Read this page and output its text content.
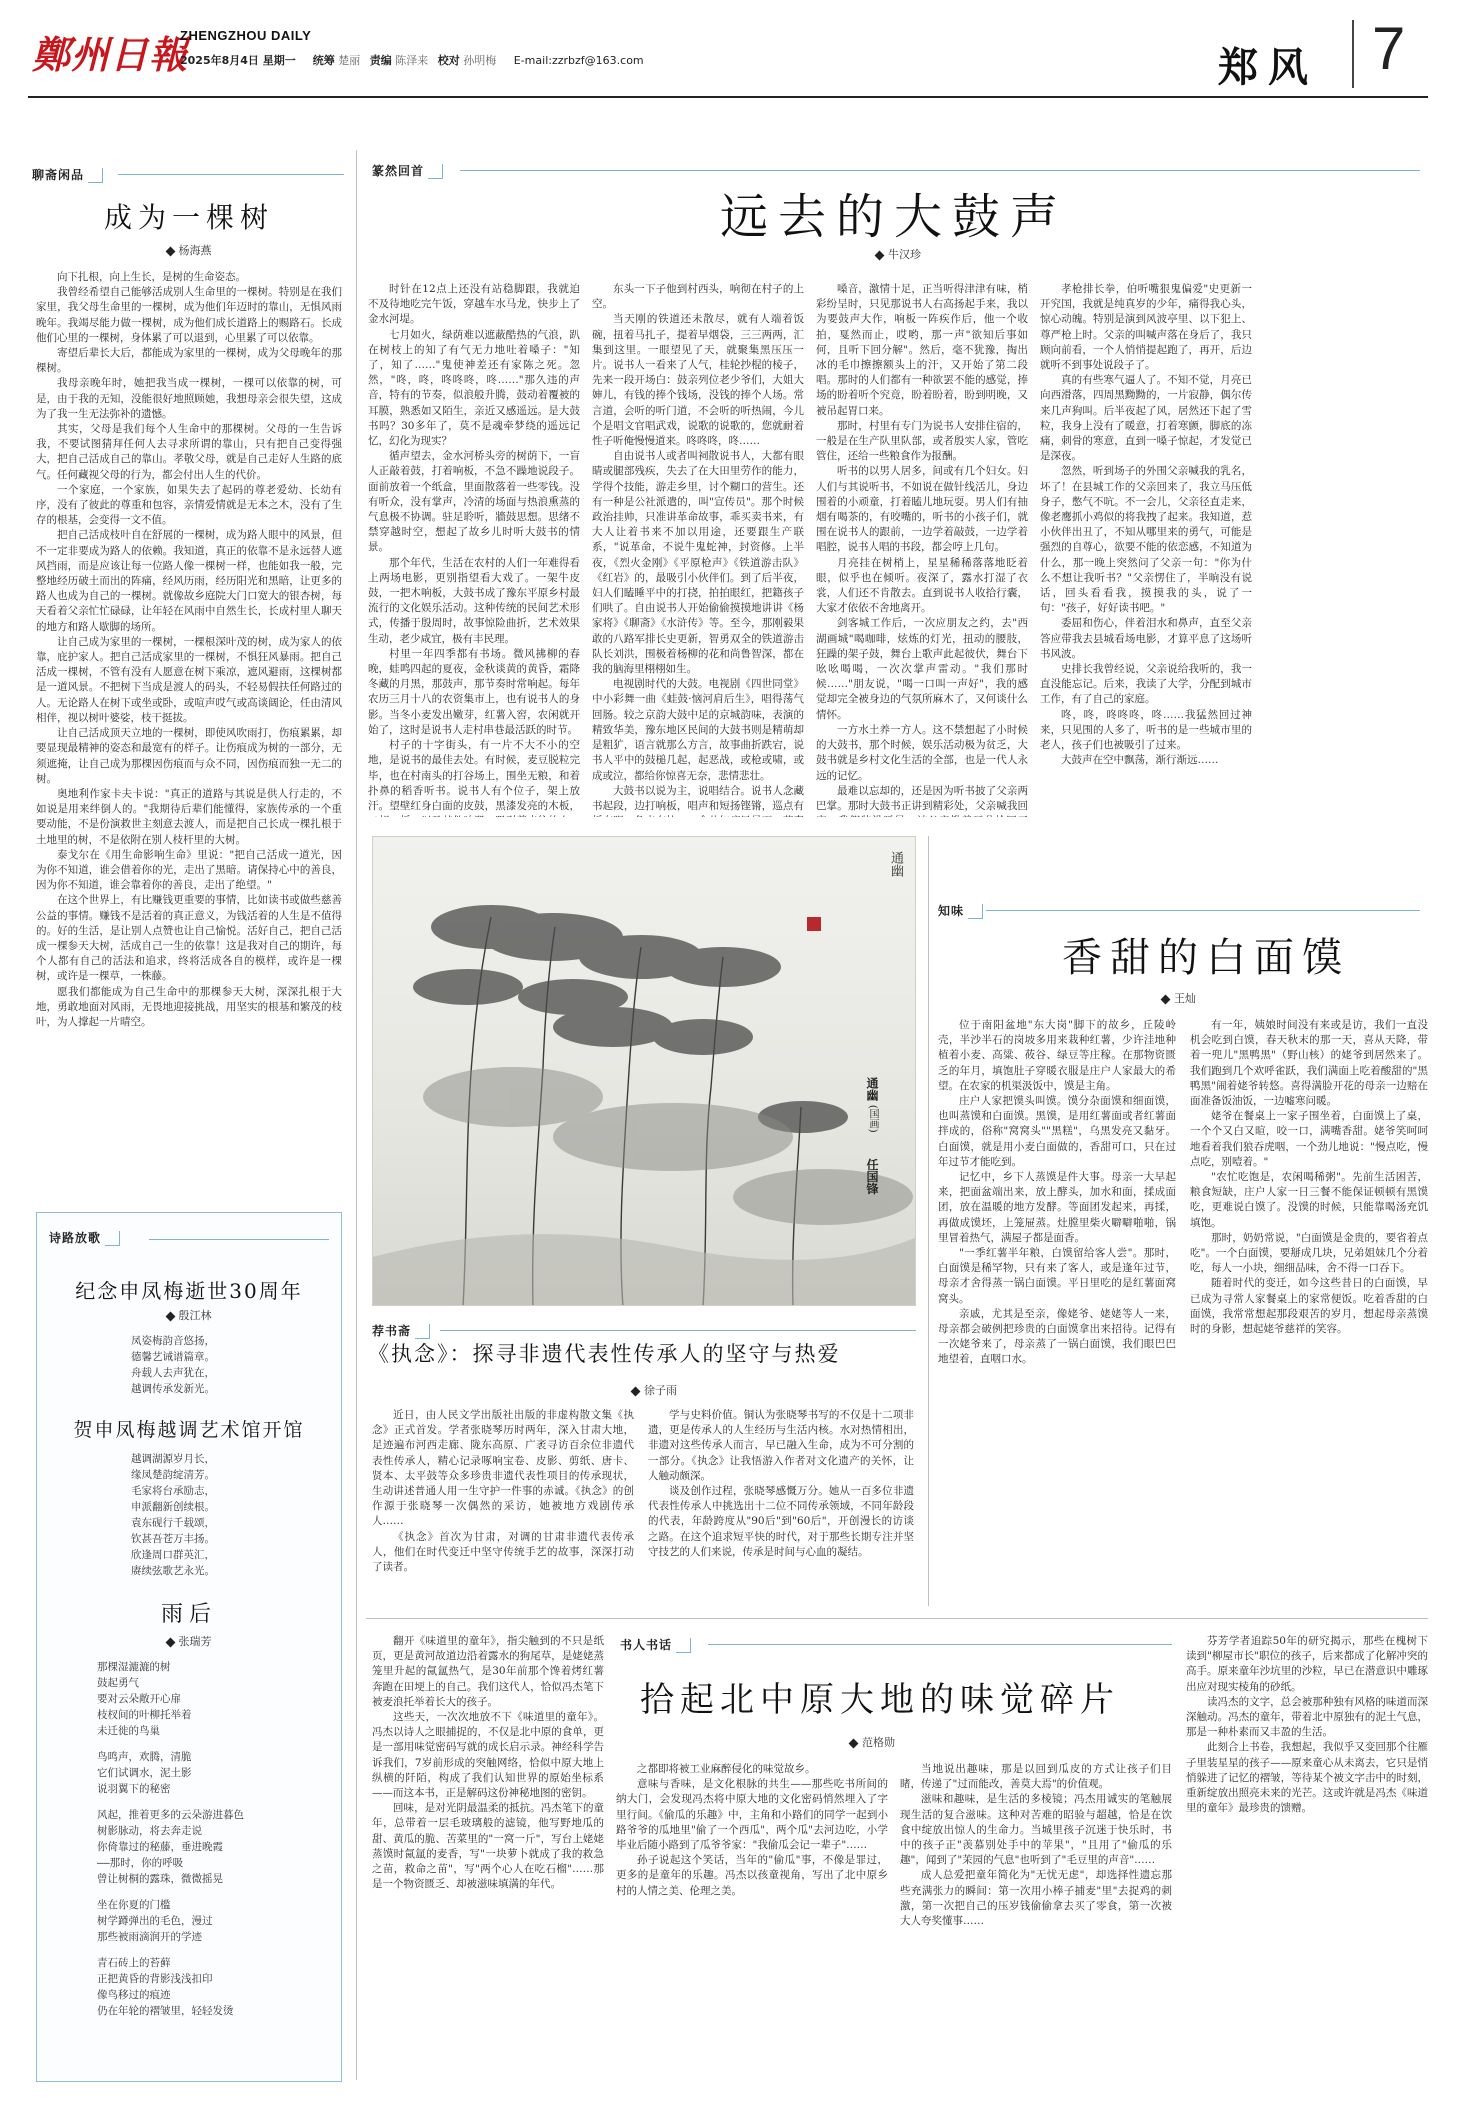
鄭州日報
ZHENGZHOU DAILY
2025年8月4日 星期一 统筹 楚丽 责编 陈泽来 校对 孙明梅 E-mail:zzrbzf@163.com	郑风 7
聊斋闲品
成为一棵树
杨海燕

向下扎根，向上生长，是树的生命姿态。

我曾经希望自己能够活成别人生命里的一棵树。特别是在我们家里，我父母生命里的一棵树，成为他们年迈时的靠山，无惧风雨晚年。我竭尽能力做一棵树，成为他们成长道路上的赐路石。长成他们心里的一棵树，身体累了可以退到，心里累了可以依靠。

寄望后辈长大后，都能成为家里的一棵树，成为父母晚年的那棵树。

我母亲晚年时，她把我当成一棵树，一棵可以依靠的树，可是，由于我的无知，没能很好地照顾她，我想母亲会很失望，这成为了我一生无法弥补的遗憾。

其实，父母是我们每个人生命中的那棵树。父母的一生告诉我，不要试图猜拜任何人去寻求所谓的靠山，只有把自己变得强大，把自己活成自己的靠山。孝敬父母，就是自己走好人生路的底气。任何藏视父母的行为，都会付出人生的代价。

一个家庭，一个家族，如果失去了起码的尊老爱幼、长幼有序，没有了彼此的尊重和包容，亲情爱情就是无本之木，没有了生存的根基，会变得一文不值。

把自己活成枝叶自在舒展的一棵树，成为路人眼中的风景，但不一定非要成为路人的依赖。我知道，真正的依靠不是永远替人遮风挡雨，而是应该让每一位路人像一棵树一样，也能如我一般，完整地经历破土而出的阵痛，经风历雨，经历阳光和黑暗，让更多的路人也成为自己的一棵树。就像故乡庭院大门口宽大的银杏树，每天看着父亲忙忙碌碌，让年轻在风雨中自然生长，长成村里人聊天的地方和路人歇脚的场所。

让自己成为家里的一棵树，一棵根深叶茂的树，成为家人的依靠，庇护家人。把自己活成家里的一棵树，不惧狂风暴雨。把自己活成一棵树，不管有没有人愿意在树下乘凉，遮风避雨，这棵树都是一道风景。不把树下当成是渡人的码头，不轻易假扶任何路过的人。无论路人在树下或坐或卧，或喧声哎气或高谈阔论，任由清风相伴，视以树叶婆娑，枝干挺拔。

让自己活成顶天立地的一棵树，即使风吹雨打，伤痕累累，却要显现最精神的姿态和最宽有的样子。让伤痕成为树的一部分，无须遮掩，让自己成为那棵因伤痕而与众不同，因伤痕而独一无二的树。

奥地利作家卡夫卡说："真正的道路与其说是供人行走的，不如说是用来绊倒人的。"我期待后辈们能懂得，家族传承的一个重要动能，不是份演救世主刻意去渡人，而是把自己长成一棵扎根于土地里的树，不是依附在别人枝杆里的大树。

泰戈尔在《用生命影响生命》里说："把自己活成一道光，因为你不知道，谁会借着你的光，走出了黑暗。请保持心中的善良，因为你不知道，谁会靠着你的善良，走出了绝望。"

在这个世界上，有比赚钱更重要的事情，比如读书或做些慈善公益的事情。赚钱不是活着的真正意义，为钱活着的人生是不值得的。好的生活，是让别人点赞也让自己愉悦。活好自己，把自己活成一棵参天大树，活成自己一生的依靠！这是我对自己的期许，每个人都有自己的活法和追求，终将活成各自的模样，或许是一棵树，或许是一棵草，一株藤。

愿我们都能成为自己生命中的那棵参天大树，深深扎根于大地，勇敢地面对风雨，无畏地迎接挑战，用坚实的根基和繁茂的枝叶，为人撑起一片晴空。

诗路放歌
纪念申凤梅逝世30周年
殷江林
凤姿梅韵音悠扬，
德馨艺诫谱篇章。
舟载人去声犹在，
越调传承发新光。
贺申凤梅越调艺术馆开馆
越调湖源岁月长，
缘凤楚韵绽清芳。
毛家将台承励志，
申派翻新创续根。
袁东砚行千载颂，
钦甚吾苍万丰扬。
欣逢周口群英汇，
赓续弦歌艺永光。
雨后
张瑞芳
那棵湿漉漉的树
鼓起勇气
要对云朵敞开心扉
枝杈间的叶柳托举着
未迁徙的鸟巢
鸟鸣声，欢腾，清脆
它们试调水，泥土影
说羽翼下的秘密
风起，推着更多的云朵游进暮色
树影脉动，将去奔走说
你倚靠过的秘藤，垂进晚霞
——那时，你的呼吸
曾让树桐的露珠，微微摇晃
坐在你夏的门槛
树学蹲弹出的毛色，漫过
那些被雨滴润开的学迹
青石砖上的苔藓
正把黄昏的背影浅浅扣印
像鸟移过的痕迹
仍在年轮的褶皱里，轻轻发烫
篆然回首
远去的大鼓声
牛汉珍

时针在12点上还没有站稳脚跟，我就迫不及待地吃完午饭，穿越车水马龙，快步上了金水河堤。

七月如火，绿荫难以遮蔽酷热的气浪，趴在树枝上的知了有气无力地吐着嗓子："知了，知了……"鬼使神差还有家陈之死。忽然，"咚，咚，咚咚咚，咚……"那久违的声音，特有的节奏，似浪般升腾，鼓动着覆被的耳膜，熟悉如又陌生，亲近又感遥远。是大鼓书吗？30多年了，莫不是魂牵梦绕的遥远记忆，幻化为现实？

循声望去，金水河桥头旁的树荫下，一盲人正敲着鼓，打着响板，不急不躁地说段子。面前放着一个纸盒，里面散落着一些零钱。没有听众，没有掌声，冷清的场面与热浪熏蒸的气息极不协调。驻足聆听，牆鼓思想。思绪不禁穿越时空，想起了故乡儿时听大鼓书的情景。

那个年代，生活在农村的人们一年难得看上两场电影，更别指望看大戏了。一架牛皮鼓，一把木响板，大鼓书成了豫东平原乡村最流行的文化娱乐活动。这种传统的民间艺术形式，传播于殷周时，故事惊险曲折，艺术效果生动，老少咸宜，极有丰民理。

村里一年四季都有书场。微风拂柳的春晚，蛙鸣四起的夏夜，金秋谈黄的黄昏，霜降冬藏的月黑，那鼓声，那节奏时常响起。每年农历三月十八的农资集市上，也有说书人的身影。当冬小麦发出嫩芽，红薯入窖，农闲就开始了，这时是说书人走村串巷最活跃的时节。

村子的十字街头，有一片不大不小的空地，是说书的最佳去处。有时候，麦豆脱粒完毕，也在村南头的打谷场上，围坐无粮，和着扑鼻的稻香听书。说书人有个位子，架上放汗。望壁红身白面的皮鼓，黑漆发亮的木板，

东头一下子他到村西头，响彻在村子的上空。

当天刚的铁道还未散尽，就有人端着饭碗，扭着马扎子，提着早烟袋，三三两两，汇集到这里。一眼望见了天，就聚集黑压压一片。说书人一看来了人气，桂轮抄棍的棱子，先来一段开场白：鼓亲列位老少爷们，大姐大婶儿，有钱的捧个钱场，没钱的捧个人场。常言道，会听的听门道，不会听的听热闹，今儿个是唱文官唱武戏，说歌的说歌的，您就耐着性子听俺慢慢道来。咚咚咚，咚……

自由说书人或者叫祠散说书人，大都有眼睛或腿部残疾，失去了在大田里劳作的能力，学得个技能，游走乡里，讨个糊口的营生。还有一种是公社派遣的，叫"宣传员"。那个时候政治挂帅，只准讲革命故事，乖买卖书来，有大人让着书来不加以用途，还要跟生产联系，"说革命，不说牛鬼蛇神，封资修。上半夜，《烈火金刚》《平原枪声》《铁道游击队》《红岩》的，最吸引小伙伴们。到了后半夜，妇人们瞌睡平中的打挠，拍拍眼红，把籍孩子们哄了。自由说书人开始偷偷摸摸地讲讲《杨家将》《聊斋》《水浒传》等。至今，那刚毅果敢的八路军排长史更新，智勇双全的铁道游击队长刘洪，围极着杨柳的花和尚鲁智深，都在我的脑海里栩栩如生。

电视剧时代的大鼓。电视剧《四世同堂》中小彩舞一曲《蛙鼓·恼河肩后生》，唱得荡气回肠。较之京韵大鼓中足的京城韵味，表演的精致华美，豫东地区民间的大鼓书则是精萌却是粗犷，语言就那么方言，故事曲折跌宕，说书人平中的鼓槌几起，起恶战，或枪或啸，或成或泣，都给你惊喜无奈，悲情悲壮。

大鼓书以说为主，说唱结合。说书人念藏书起段，边打响板，唱声和短扬铿锵，巡点有

嗓音，激情十足，正当听得津津有味，梢彩纷呈时，只见那说书人右高扬起手来，我以为要鼓声大作，响板一阵疾作后，他一个收拍，戛然而止，哎哟，那一声"欲知后事如何，且听下回分解"。然后，毫不犹豫，掏出冰的毛巾擦擦额头上的汗，又开始了第二段唱。那时的人们都有一种欲罢不能的感觉，捧场的盼着听个究竟，盼着盼着，盼到明晚，又被吊起胃口来。

那时，村里有专门为说书人安排住宿的，一般是在生产队里队部，或者殷实人家，管吃管住，还给一些粮食作为报酬。

听书的以男人居多，间或有几个妇女。妇人们与其说听书，不如说在做针线活儿，身边围着的小顽童，打着瞌儿地玩耍。男人们有抽烟有喝茶的，有咬嘴的，听书的小孩子们，就围在说书人的跟前，一边学着敲鼓，一边学着唱腔，说书人唱的书段，都会哼上几句。

月亮挂在树梢上，星星稀稀落落地眨着眼，似乎也在倾听。夜深了，露水打湿了衣裳，人们还不肯散去。直到说书人收拾行囊，大家才依依不舍地离开。

剑客城工作后，一次应朋友之约，去"西湖画城"喝咖啡，炫炼的灯光，扭动的腰肢，狂躁的架子鼓，舞台上歌声此起彼伏，舞台下吆吆喝喝，一次次掌声雷动。"我们那时候……"朋友说，"喝一口叫一声好"，我的感觉却完全被身边的气氛所麻木了，又何谈什么情怀。

一方水土养一方人。这不禁想起了小时候的大鼓书，那个时候，娱乐活动极为贫乏，大鼓书就是乡村文化生活的全部，也是一代人永远的记忆。

最难以忘却的，还是因为听书披了父亲两巴掌。那时大鼓书正讲到精彩处，父亲喊我回

孝枪排长拳，伯听嘴狠鬼偏爱"史更新一开究国，我就是纯真岁的少年，痛得我心头，惊心动魄。特别是演到风波亭里、以下犯上、尊严枪上时。父亲的叫喊声落在身后了，我只顾向前看，一个人悄悄提起跑了，再开，后边就听不到事处说段子了。

真的有些寒气逼人了。不知不觉，月亮已向西滑落，四周黑黝黝的，一片寂静，偶尔传来几声狗叫。后半夜起了风，居然还下起了雪粒，我身上没有了暖意，打着寒颤，脚底的冻痛，刺骨的寒意，直到一嗓子惊起，才发觉已是深夜。

忽然，听到场子的外围父亲喊我的乳名，坏了！在县城工作的父亲回来了，我立马压低身子，憋气不吭。不一会儿，父亲径直走来，像老鹰抓小鸡似的将我拽了起来。我知道，惹小伙伴出丑了，不知从哪里来的勇气，可能是强烈的自尊心，欲要不能的依恋感，不知道为什么，那一晚上突然问了父亲一句："你为什么不想让我听书？"父亲愣住了，半晌没有说话，回头看看我，摸摸我的头，说了一句："孩子，好好读书吧。"

委屈和伤心，伴着泪水和鼻声，直至父亲答应带我去县城看场电影，才算平息了这场听书风波。

史排长我曾经说，父亲说给我听的，我一直没能忘记。后来，我读了大学，分配到城市工作，有了自己的家庭。

咚，咚，咚咚咚，咚……我猛然回过神来，只见围的人多了，听书的是一些城市里的老人，孩子们也被吸引了过来。

大鼓声在空中飘荡，渐行渐远……

通幽
通幽 (国画)  任国锋
知味
香甜的白面馍
王灿

位于南阳盆地"东大岗"脚下的故乡，丘陵岭壳，半沙半石的岗坡多用来栽种红薯，少许洼地种植着小麦、高粱、莜谷、绿豆等庄稼。在那物资匮乏的年月，填饱肚子穿暖衣服是庄户人家最大的希望。在农家的机渠汲饭中，馍是主角。

庄户人家把馍头叫馍。馍分杂面馍和细面馍，也叫蒸馍和白面馍。黑馍，是用红薯面或者红薯面拌成的，俗称"窝窝头""黑糕"，乌黑发亮又黏牙。白面馍，就是用小麦白面做的，香甜可口，只在过年过节才能吃到。

记忆中，乡下人蒸馍是件大事。母亲一大早起来，把面盆端出来，放上酵头，加水和面，揉成面团，放在温暖的地方发酵。等面团发起来，再揉，再做成馍坯，上笼屉蒸。灶膛里柴火噼噼啪啪，锅里冒着热气，满屋子都是面香。

"一季红薯半年粮，白馍留给客人尝"。那时，白面馍是稀罕物，只有来了客人，或是逢年过节，母亲才舍得蒸一锅白面馍。平日里吃的是红薯面窝窝头。

亲戚，尤其是至亲，像姥爷、姥姥等人一来，母亲都会破例把珍贵的白面馍拿出来招待。记得有一次姥爷来了，母亲蒸了一锅白面馍，我们眼巴巴地望着，直咽口水。

有一年，姨娘时间没有来或是访，我们一直没机会吃到白馍，春天秋末的那一天，喜从天降，带着一兜儿"黑鸭黑"（野山核）的姥爷到居然来了。我们跑到几个欢呼雀跃，我们满面上吃着酸甜的"黑鸭黑"闹着姥爷转悠。喜得满脸开花的母亲一边赔在面准备饭油饭，一边嘘寒问暖。

姥爷在餐桌上一家子围坐着，白面馍上了桌，一个个又白又暄，咬一口，满嘴香甜。姥爷笑呵呵地看着我们狼吞虎咽，一个劲儿地说："慢点吃，慢点吃，别噎着。"

"农忙吃饱是，农闲喝稀粥"。先前生活困苦，粮食短缺，庄户人家一日三餐不能保证顿顿有黑馍吃，更难说白馍了。没馍的时候，只能靠喝汤充饥填饱。

那时，奶奶常说，"白面馍是金贵的，要省着点吃"。一个白面馍，要掰成几块，兄弟姐妹几个分着吃，每人一小块，细细品味，舍不得一口吞下。

随着时代的变迁，如今这些昔日的白面馍，早已成为寻常人家餐桌上的家常便饭。吃着香甜的白面馍，我常常想起那段艰苦的岁月，想起母亲蒸馍时的身影，想起姥爷慈祥的笑容。

荐书斋
《执念》：探寻非遗代表性传承人的坚守与热爱
徐子雨

近日，由人民文学出版社出版的非虚构散文集《执念》正式首发。学者张晓琴历时两年，深入甘肃大地，足迹遍布河西走廊、陇东高原、广袤寻访百余位非遗代表性传承人，精心记录啄响宝卷、皮影、剪纸、唐卡、贤本、太平鼓等众多珍贵非遗代表性项目的传承现状，生动讲述普通人用一生守护一件事的赤诚。《执念》的创作源于张晓琴一次偶然的采访，她被地方戏剧传承人……

《执念》首次为甘肃，对调的甘肃非遗代表传承人，他们在时代变迁中坚守传统手艺的故事，深深打动了读者。

学与史料价值。铜认为张晓琴书写的不仅是十二项非遗，更是传承人的人生经历与生活内核。水对热情相出，非遗对这些传承人而言，早已融入生命，成为不可分割的一部分。《执念》让我悟游入作者对文化遗产的关怀，让人触动颇深。

谈及创作过程，张晓琴感慨万分。她从一百多位非遗代表性传承人中挑选出十二位不同传承领域，不同年龄段的代表，年龄跨度从"90后"到"60后"，开创漫长的访谈之路。在这个追求短平快的时代，对于那些长期专注并坚守技艺的人们来说，传承是时间与心血的凝结。

翻开《味道里的童年》，指尖触到的不只是纸页，更是黄河故道边沿着露水的狗尾草，是姥姥蒸笼里升起的氤氲热气，是30年前那个馋着烤红薯奔跑在田埂上的自己。我们这代人，恰似冯杰笔下被麦浪托举着长大的孩子。

这些天，一次次地放不下《味道里的童年》。冯杰以诗人之眼捕捉的，不仅是北中原的食单，更是一部用味觉密码写就的成长启示录。神经科学告诉我们，7岁前形成的突触网络，恰似中原大地上纵横的阡陌，构成了我们认知世界的原始坐标系——而这本书，正是解码这份神秘地图的密钥。

回味，是对光阴最温柔的抵抗。冯杰笔下的童年，总带着一层毛玻璃般的滤镜，他写野地瓜的甜、黄瓜的脆、苦菜里的"一窝一斤"，写台上姥姥蒸馍时氤氲的麦香，写"一块萝卜就成了我的救急之苗，救命之苗"，写"两个心人在吃石榴"……那是一个物资匮乏、却被滋味填满的年代。

书人书话
拾起北中原大地的味觉碎片
范格勋

之都即将被工业麻醉侵化的味觉故乡。

意味与香味，是文化根脉的共生——那些吃书所间的纳大门，会发现冯杰将中原大地的文化密码悄然埋入了字里行间。《偷瓜的乐趣》中，主角和小路们的同学一起到小路爷爷的瓜地里"偷了一个西瓜"，两个瓜"去河边吃，小学毕业后随小路到了瓜爷爷家："我偷瓜会记一辈子"……

孙子说起这个笑话，当年的"偷瓜"事，不像是罪过，更多的是童年的乐趣。冯杰以孩童视角，写出了北中原乡村的人情之美、伦理之美。

当地说出趣味，那是以回到瓜皮的方式让孩子们目睹，传递了"过而能改，善莫大焉"的价值观。

滋味和趣味，是生活的多棱镜；冯杰用诚实的笔触展现生活的复合滋味。这种对苦难的昭验与超越，恰是在饮食中绽放出惊人的生命力。当城里孩子沉迷于快乐时，书中的孩子正"羡慕别处手中的苹果"，"且用了"偷瓜的乐趣"，闻到了"茉园的气息"也听到了"毛豆里的声音"……

成人总爱把童年简化为"无忧无虑"，却选择性遗忘那些充满张力的瞬间：第一次用小棒子捕麦"里"去捉鸡的刺激，第一次把自己的压岁钱偷偷拿去买了零食，第一次被大人夸奖懂事……

芬芳学者追踪50年的研究揭示，那些在槐树下读到"柳屋市长"职位的孩子，后来都成了化解冲突的高手。原来童年沙坑里的沙粒，早已在潜意识中雕琢出应对现实棱角的砂纸。

读冯杰的文字，总会被那种独有风格的味道而深深触动。冯杰的童年，带着北中原独有的泥土气息，那是一种朴素而又丰盈的生活。

此刻合上书卷，我想起，我似乎又变回那个往雁子里装星星的孩子——原来童心从未离去，它只是悄悄躲进了记忆的褶皱，等待某个被文字击中的时刻，重新绽放出照亮未来的光芒。这或许就是冯杰《味道里的童年》最珍贵的馈赠。
